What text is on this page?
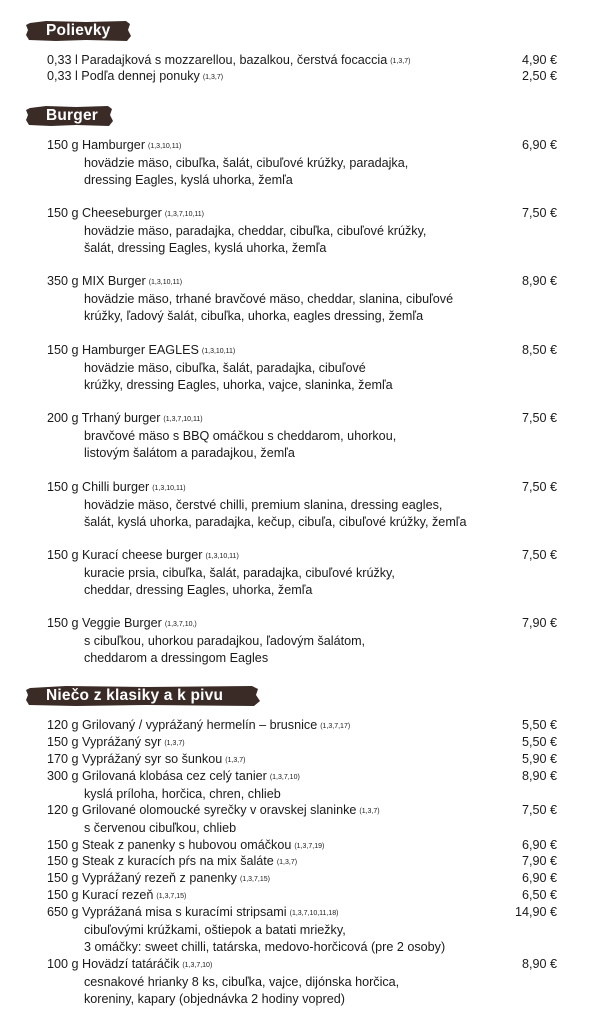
Polievky
Burger
Niečo z klasiky a k pivu
0,33 l Paradajková s mozzarellou, bazalkou, čerstvá focaccia (1,3,7)	4,90 €
0,33 l Podľa dennej ponuky (1,3,7)	2,50 €
150 g Hamburger (1,3,10,11)	6,90 €
hovädzie mäso, cibuľka, šalát, cibuľové krúžky, paradajka,
dressing Eagles, kyslá uhorka, žemľa
150 g Cheeseburger (1,3,7,10,11)	7,50 €
hovädzie mäso, paradajka, cheddar, cibuľka, cibuľové krúžky,
šalát, dressing Eagles, kyslá uhorka, žemľa
350 g MIX Burger (1,3,10,11)	8,90 €
hovädzie mäso, trhané bravčové mäso, cheddar, slanina, cibuľové
krúžky, ľadový šalát, cibuľka, uhorka, eagles dressing, žemľa
150 g Hamburger EAGLES (1,3,10,11)	8,50 €
hovädzie mäso, cibuľka, šalát, paradajka, cibuľové
krúžky, dressing Eagles, uhorka, vajce, slaninka, žemľa
200 g Trhaný burger (1,3,7,10,11)	7,50 €
bravčové mäso s BBQ omáčkou s cheddarom, uhorkou,
listovým šalátom a paradajkou, žemľa
150 g Chilli burger (1,3,10,11)	7,50 €
hovädzie mäso, čerstvé chilli, premium slanina, dressing eagles,
šalát, kyslá uhorka, paradajka, kečup, cibuľa, cibuľové krúžky, žemľa
150 g Kurací cheese burger (1,3,10,11)	7,50 €
kuracie prsia, cibuľka, šalát, paradajka, cibuľové krúžky,
cheddar, dressing Eagles, uhorka, žemľa
150 g Veggie Burger (1,3,7,10,)	7,90 €
s cibuľkou, uhorkou paradajkou, ľadovým šalátom,
cheddarom a dressingom Eagles
120 g Grilovaný / vyprážaný hermelín – brusnice (1,3,7,17)	5,50 €
150 g Vyprážaný syr (1,3,7)	5,50 €
170 g Vyprážaný syr so šunkou (1,3,7)	5,90 €
300 g Grilovaná klobása cez celý tanier (1,3,7,10)	8,90 €
kyslá príloha, horčica, chren, chlieb
120 g Grilované olomoucké syrečky v oravskej slaninke (1,3,7)	7,50 €
s červenou cibuľkou, chlieb
150 g Steak z panenky s hubovou omáčkou (1,3,7,19)	6,90 €
150 g Steak z kuracích pŕs na mix šaláte (1,3,7)	7,90 €
150 g Vyprážaný rezeň z panenky (1,3,7,15)	6,90 €
150 g Kurací rezeň (1,3,7,15)	6,50 €
650 g Vyprážaná misa s kuracími stripsami (1,3,7,10,11,18)	14,90 €
cibuľovými krúžkami, oštiepok a batati mriežky,
3 omáčky: sweet chilli, tatárska, medovo-horčicová (pre 2 osoby)
100 g Hovädzí tatáráčik (1,3,7,10)	8,90 €
cesnakové hrianky 8 ks, cibuľka, vajce, dijónska horčica,
koreniny, kapary (objednávka 2 hodiny vopred)
